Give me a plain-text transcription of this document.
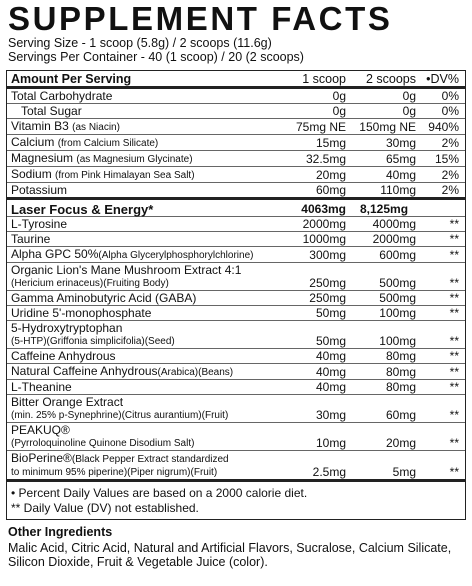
SUPPLEMENT FACTS
Serving Size - 1 scoop (5.8g) / 2 scoops (11.6g)
Servings Per Container - 40 (1 scoop) / 20 (2 scoops)
Amount Per Serving	1 scoop	2 scoops •DV%
Total Carbohydrate	0g	0g	0%
Total Sugar	0g	0g	0%
Vitamin B3 (as Niacin)	75mg NE	150mg NE	940%
Calcium (from Calcium Silicate)	15mg	30mg	2%
Magnesium (as Magnesium Glycinate)	32.5mg	65mg	15%
Sodium (from Pink Himalayan Sea Salt)	20mg	40mg	2%
Potassium	60mg	110mg	2%
Laser Focus & Energy*	4063mg	8,125mg
L-Tyrosine	2000mg	4000mg	**
Taurine	1000mg	2000mg	**
Alpha GPC 50%(Alpha Glycerylphosphorylchlorine)	300mg	600mg	**
Organic Lion's Mane Mushroom Extract 4:1
(Hericium erinaceus)(Fruiting Body)	250mg	500mg	**
Gamma Aminobutyric Acid (GABA)	250mg	500mg	**
Uridine 5'-monophosphate	50mg	100mg	**
5-Hydroxytryptophan
(5-HTP)(Griffonia simplicifolia)(Seed)	50mg	100mg	**
Caffeine Anhydrous	40mg	80mg	**
Natural Caffeine Anhydrous(Arabica)(Beans)	40mg	80mg	**
L-Theanine	40mg	80mg	**
Bitter Orange Extract
(min. 25% p-Synephrine)(Citrus aurantium)(Fruit)	30mg	60mg	**
PEAKUQ®
(Pyrroloquinoline Quinone Disodium Salt)	10mg	20mg	**
BioPerine®(Black Pepper Extract standardized
to minimum 95% piperine)(Piper nigrum)(Fruit)	2.5mg	5mg	**
• Percent Daily Values are based on a 2000 calorie diet.
** Daily Value (DV) not established.
Other Ingredients
Malic Acid, Citric Acid, Natural and Artificial Flavors, Sucralose, Calcium Silicate, Silicon Dioxide, Fruit & Vegetable Juice (color).
